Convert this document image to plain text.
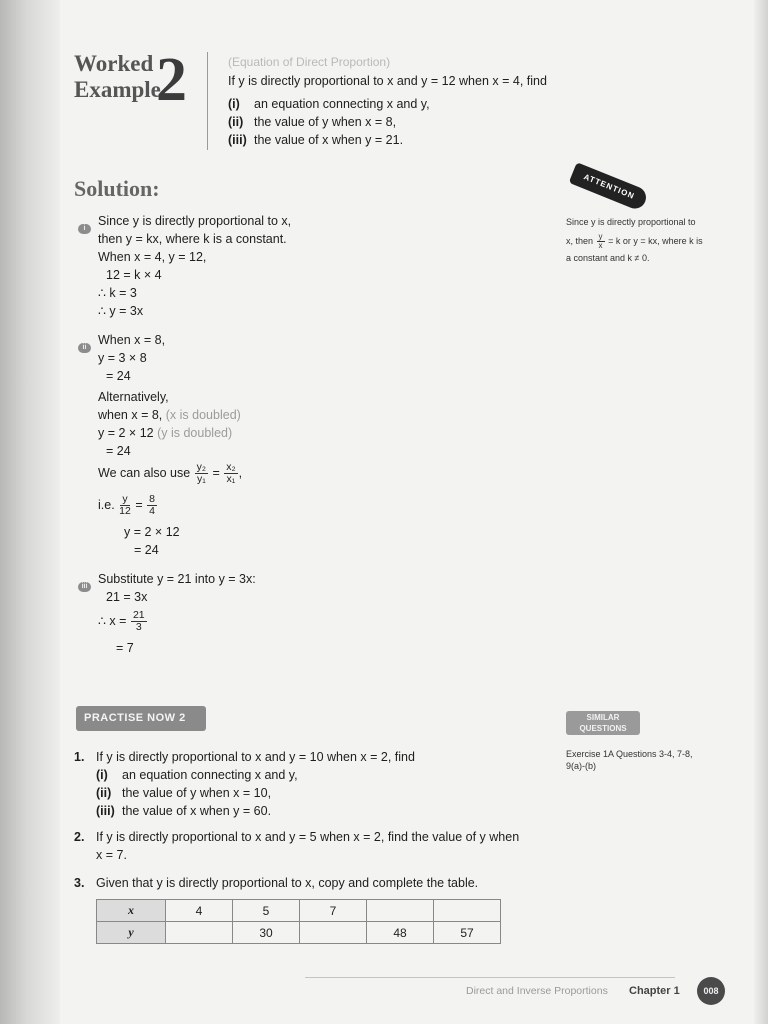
Worked
Example
2	(Equation of Direct Proportion)
If y is directly proportional to x and y = 12 when x = 4, find
(i) an equation connecting x and y,
(ii) the value of y when x = 8,
(iii) the value of x when y = 21.
Solution:
i
Since y is directly proportional to x,
then y = kx, where k is a constant.
When x = 4, y = 12,
12 = k × 4
∴ k = 3
∴ y = 3x
ii
When x = 8,
y = 3 × 8
= 24
Alternatively,
when x = 8, (x is doubled)
y = 2 × 12 (y is doubled)
= 24
We can also use $\frac{\text{y₂}}{\text{y₁}} = \frac{\text{x₂}}{\text{x₁}}$ ,
i.e. $\frac{y}{12} = \frac{8}{4}$
y = 2 × 12
= 24
iii
Substitute y = 21 into y = 3x:
21 = 3x
∴ $x = \frac{21}{3}$
= 7
ATTENTION
Since y is directly proportional to
x, then $\frac{y}{x} = k$ or y = kx, where k is
a constant and k ≠ 0.
PRACTISE NOW 2	SIMILAR
QUESTIONS
Exercise 1A Questions 3-4, 7-8,
9(a)-(b)
1. If y is directly proportional to x and y = 10 when x = 2, find
(i) an equation connecting x and y,
(ii) the value of y when x = 10,
(iii) the value of x when y = 60.
2. If y is directly proportional to x and y = 5 when x = 2, find the value of y when
x = 7.
3. Given that y is directly proportional to x, copy and complete the table.
x	4	5	7		
y		30		48	57
Direct and Inverse Proportions Chapter 1	008
